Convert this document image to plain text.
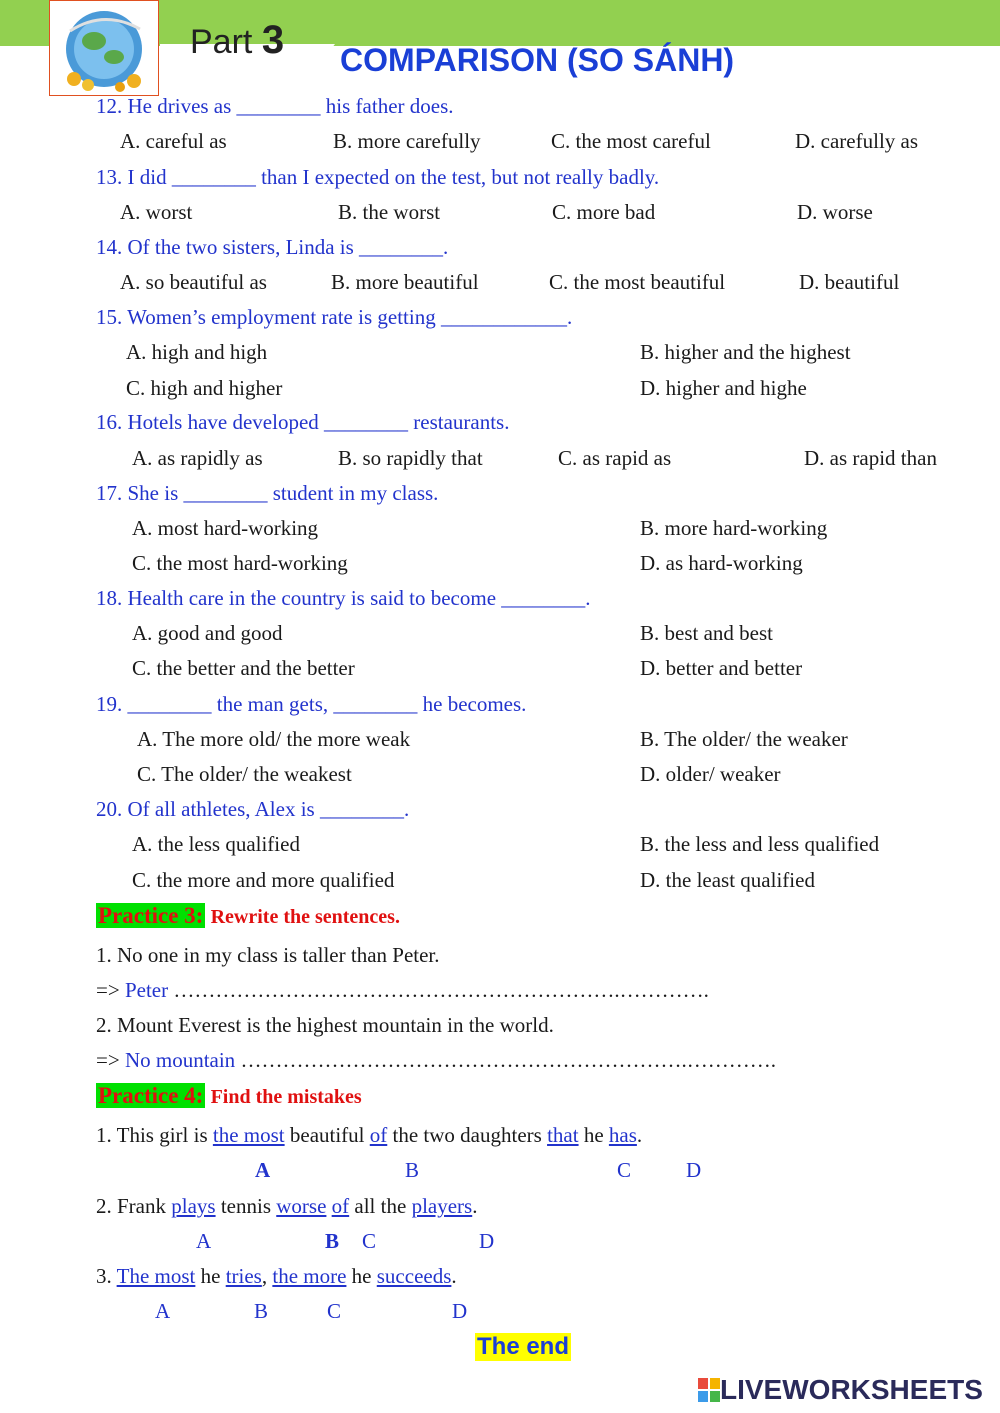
Part 3 COMPARISON (SO SÁNH)
12. He drives as ________ his father does.
A. careful as	B. more carefully	C. the most careful	D. carefully as
13. I did ________ than I expected on the test, but not really badly.
A. worst	B. the worst	C. more bad	D. worse
14. Of the two sisters, Linda is ________.
A. so beautiful as	B. more beautiful	C. the most beautiful	D. beautiful
15. Women’s employment rate is getting ____________.
A. high and high	B. higher and the highest
C. high and higher	D. higher and highe
16. Hotels have developed ________ restaurants.
A. as rapidly as	B. so rapidly that	C. as rapid as	D. as rapid than
17. She is ________ student in my class.
A. most hard-working	B. more hard-working
C. the most hard-working	D. as hard-working
18. Health care in the country is said to become ________.
A. good and good	B. best and best
C. the better and the better	D. better and better
19. ________ the man gets, ________ he becomes.
A. The more old/ the more weak	B. The older/ the weaker
C. The older/ the weakest	D. older/ weaker
20. Of all athletes, Alex is ________.
A. the less qualified	B. the less and less qualified
C. the more and more qualified	D. the least qualified
Practice 3: Rewrite the sentences.
1. No one in my class is taller than Peter.
=> Peter ……………………………………………………….………….
2. Mount Everest is the highest mountain in the world.
=> No mountain ……………………………………………………….………….
Practice 4: Find the mistakes
1. This girl is the most beautiful of the two daughters that he has.
A	B	C	D
2. Frank plays tennis worse of all the players.
A	B C	D
3. The most he tries, the more he succeeds.
A	B	C	D
The end
LIVEWORKSHEETS
